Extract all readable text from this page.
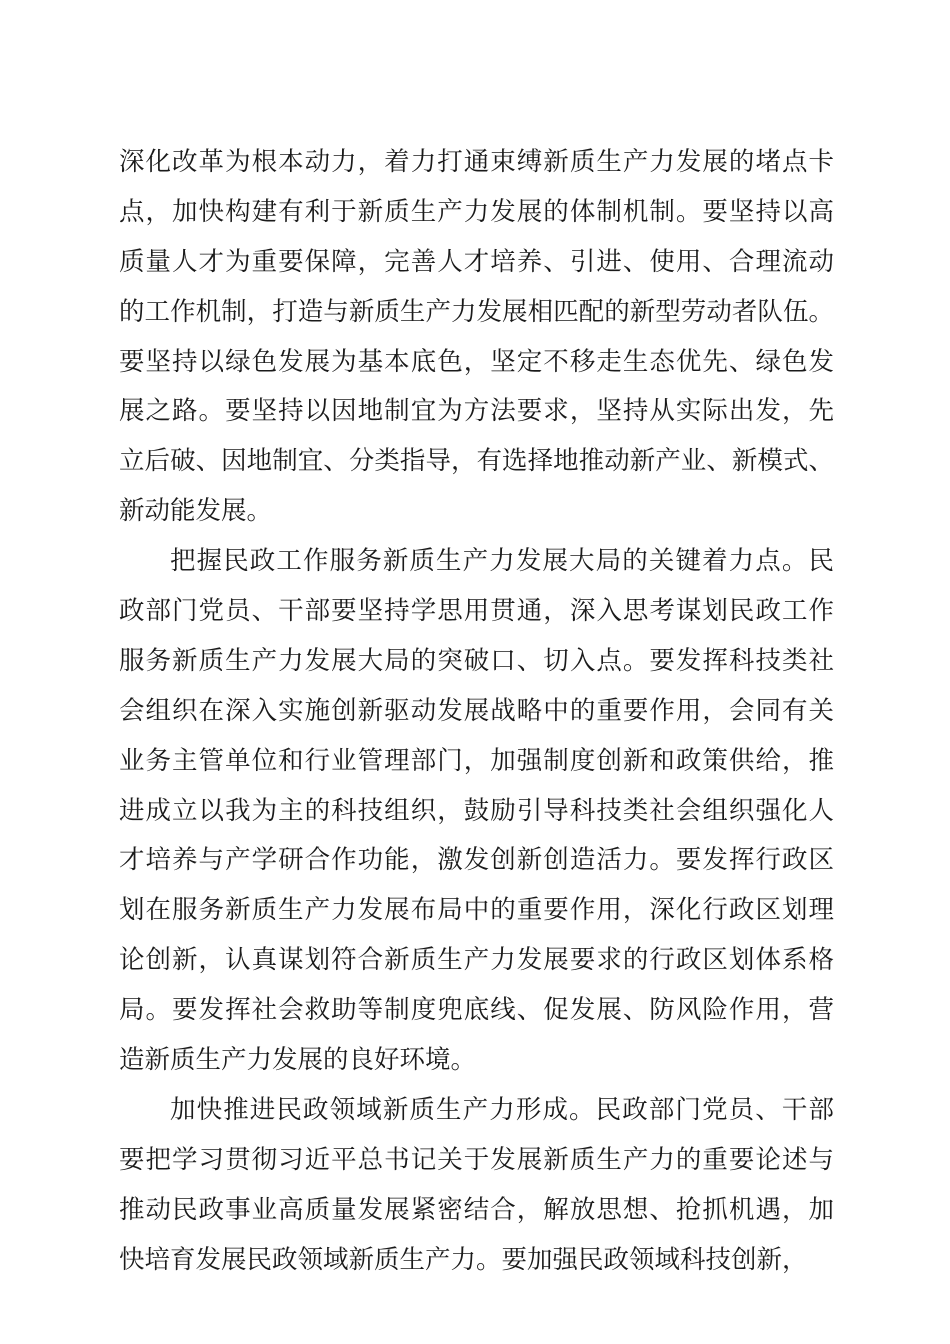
深化改革为根本动力，着力打通束缚新质生产力发展的堵点卡
点，加快构建有利于新质生产力发展的体制机制。要坚持以高
质量人才为重要保障，完善人才培养、引进、使用、合理流动
的工作机制，打造与新质生产力发展相匹配的新型劳动者队伍。
要坚持以绿色发展为基本底色，坚定不移走生态优先、绿色发
展之路。要坚持以因地制宜为方法要求，坚持从实际出发，先
立后破、因地制宜、分类指导，有选择地推动新产业、新模式、
新动能发展。
把握民政工作服务新质生产力发展大局的关键着力点。民
政部门党员、干部要坚持学思用贯通，深入思考谋划民政工作
服务新质生产力发展大局的突破口、切入点。要发挥科技类社
会组织在深入实施创新驱动发展战略中的重要作用，会同有关
业务主管单位和行业管理部门，加强制度创新和政策供给，推
进成立以我为主的科技组织，鼓励引导科技类社会组织强化人
才培养与产学研合作功能，激发创新创造活力。要发挥行政区
划在服务新质生产力发展布局中的重要作用，深化行政区划理
论创新，认真谋划符合新质生产力发展要求的行政区划体系格
局。要发挥社会救助等制度兜底线、促发展、防风险作用，营
造新质生产力发展的良好环境。
加快推进民政领域新质生产力形成。民政部门党员、干部
要把学习贯彻习近平总书记关于发展新质生产力的重要论述与
推动民政事业高质量发展紧密结合，解放思想、抢抓机遇，加
快培育发展民政领域新质生产力。要加强民政领域科技创新，
